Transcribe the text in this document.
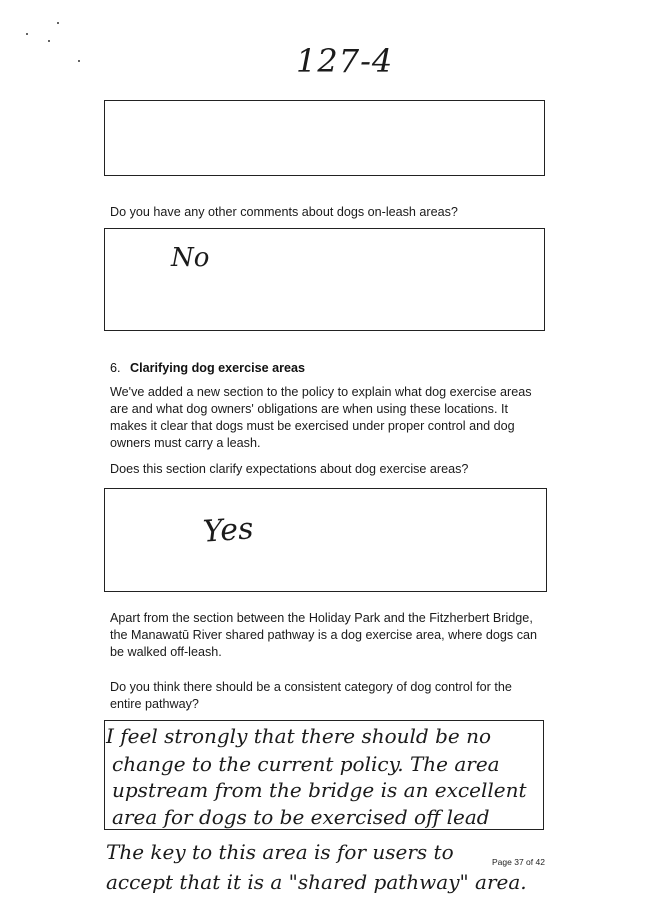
127-4
Do you have any other comments about dogs on-leash areas?
No
6. Clarifying dog exercise areas
We've added a new section to the policy to explain what dog exercise areas are and what dog owners' obligations are when using these locations. It makes it clear that dogs must be exercised under proper control and dog owners must carry a leash.
Does this section clarify expectations about dog exercise areas?
Yes
Apart from the section between the Holiday Park and the Fitzherbert Bridge, the Manawatū River shared pathway is a dog exercise area, where dogs can be walked off-leash.
Do you think there should be a consistent category of dog control for the entire pathway?
I feel strongly that there should be no
change to the current policy. The area
upstream from the bridge is an excellent
area for dogs to be exercised off lead
The key to this area is for users to
accept that it is a "shared pathway" area.
Page 37 of 42
